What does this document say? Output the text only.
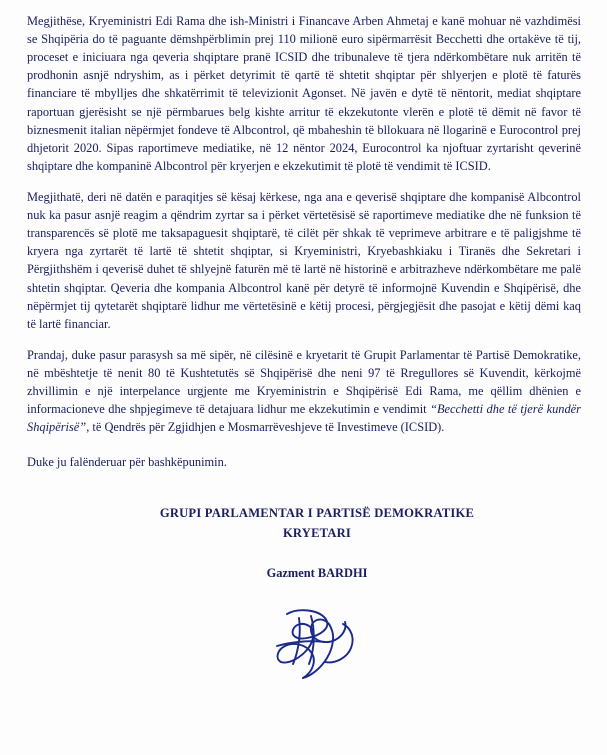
Megjithëse, Kryeministri Edi Rama dhe ish-Ministri i Financave Arben Ahmetaj e kanë mohuar në vazhdimësi se Shqipëria do të paguante dëmshpërblimin prej 110 milionë euro sipërmarrësit Becchetti dhe ortakëve të tij, proceset e iniciuara nga qeveria shqiptare pranë ICSID dhe tribunaleve të tjera ndërkombëtare nuk arritën të prodhonin asnjë ndryshim, as i përket detyrimit të qartë të shtetit shqiptar për shlyerjen e plotë të faturës financiare të mbylljes dhe shkatërrimit të televizionit Agonset. Në javën e dytë të nëntorit, mediat shqiptare raportuan gjerësisht se një përmbarues belg kishte arritur të ekzekutonte vlerën e plotë të dëmit në favor të biznesmenit italian nëpërmjet fondeve të Albcontrol, që mbaheshin të bllokuara në llogarinë e Eurocontrol prej dhjetorit 2020. Sipas raportimeve mediatike, në 12 nëntor 2024, Eurocontrol ka njoftuar zyrtarisht qeverinë shqiptare dhe kompaninë Albcontrol për kryerjen e ekzekutimit të plotë të vendimit të ICSID.

Megjithatë, deri në datën e paraqitjes së kësaj kërkese, nga ana e qeverisë shqiptare dhe kompanisë Albcontrol nuk ka pasur asnjë reagim a qëndrim zyrtar sa i përket vërtetësisë së raportimeve mediatike dhe në funksion të transparencës së plotë me taksapaguesit shqiptarë, të cilët për shkak të veprimeve arbitrare e të paligjshme të kryera nga zyrtarët të lartë të shtetit shqiptar, si Kryeministri, Kryebashkiaku i Tiranës dhe Sekretari i Përgjithshëm i qeverisë duhet të shlyejnë faturën më të lartë në historinë e arbitrazheve ndërkombëtare me palë shtetin shqiptar. Qeveria dhe kompania Albcontrol kanë për detyrë të informojnë Kuvendin e Shqipërisë, dhe nëpërmjet tij qytetarët shqiptarë lidhur me vërtetësinë e këtij procesi, përgjegjësit dhe pasojat e këtij dëmi kaq të lartë financiar.

Prandaj, duke pasur parasysh sa më sipër, në cilësinë e kryetarit të Grupit Parlamentar të Partisë Demokratike, në mbështetje të nenit 80 të Kushtetutës së Shqipërisë dhe neni 97 të Rregullores së Kuvendit, kërkojmë zhvillimin e një interpelance urgjente me Kryeministrin e Shqipërisë Edi Rama, me qëllim dhënien e informacioneve dhe shpjegimeve të detajuara lidhur me ekzekutimin e vendimit “Becchetti dhe të tjerë kundër Shqipërisë”, të Qendrës për Zgjidhjen e Mosmarrëveshjeve të Investimeve (ICSID).

Duke ju falënderuar për bashkëpunimin.

GRUPI PARLAMENTAR I PARTISË DEMOKRATIKE
KRYETARI
Gazment BARDHI
